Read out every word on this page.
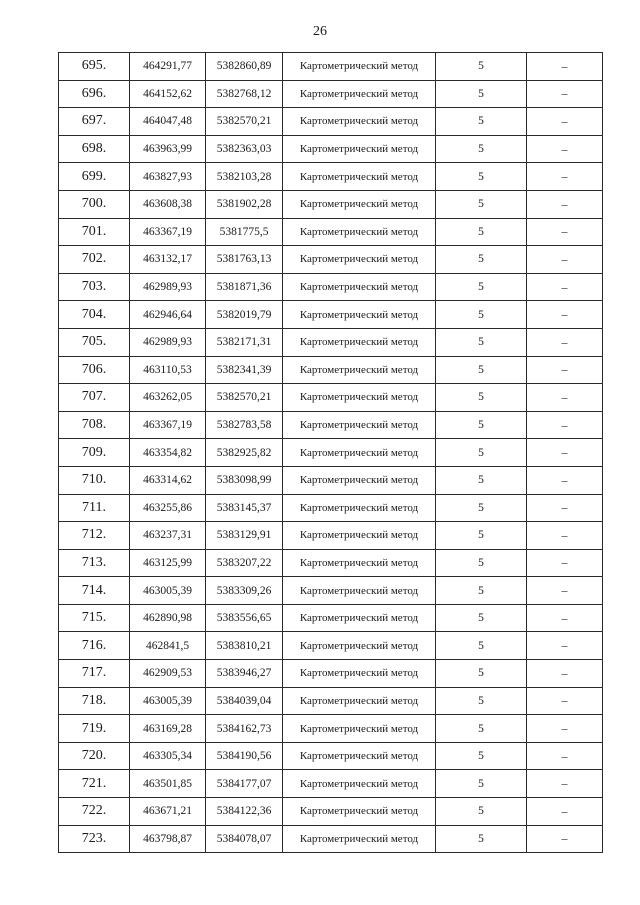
26
695.	464291,77	5382860,89	Картометрический метод	5	–
696.	464152,62	5382768,12	Картометрический метод	5	–
697.	464047,48	5382570,21	Картометрический метод	5	–
698.	463963,99	5382363,03	Картометрический метод	5	–
699.	463827,93	5382103,28	Картометрический метод	5	–
700.	463608,38	5381902,28	Картометрический метод	5	–
701.	463367,19	5381775,5	Картометрический метод	5	–
702.	463132,17	5381763,13	Картометрический метод	5	–
703.	462989,93	5381871,36	Картометрический метод	5	–
704.	462946,64	5382019,79	Картометрический метод	5	–
705.	462989,93	5382171,31	Картометрический метод	5	–
706.	463110,53	5382341,39	Картометрический метод	5	–
707.	463262,05	5382570,21	Картометрический метод	5	–
708.	463367,19	5382783,58	Картометрический метод	5	–
709.	463354,82	5382925,82	Картометрический метод	5	–
710.	463314,62	5383098,99	Картометрический метод	5	–
711.	463255,86	5383145,37	Картометрический метод	5	–
712.	463237,31	5383129,91	Картометрический метод	5	–
713.	463125,99	5383207,22	Картометрический метод	5	–
714.	463005,39	5383309,26	Картометрический метод	5	–
715.	462890,98	5383556,65	Картометрический метод	5	–
716.	462841,5	5383810,21	Картометрический метод	5	–
717.	462909,53	5383946,27	Картометрический метод	5	–
718.	463005,39	5384039,04	Картометрический метод	5	–
719.	463169,28	5384162,73	Картометрический метод	5	–
720.	463305,34	5384190,56	Картометрический метод	5	–
721.	463501,85	5384177,07	Картометрический метод	5	–
722.	463671,21	5384122,36	Картометрический метод	5	–
723.	463798,87	5384078,07	Картометрический метод	5	–
